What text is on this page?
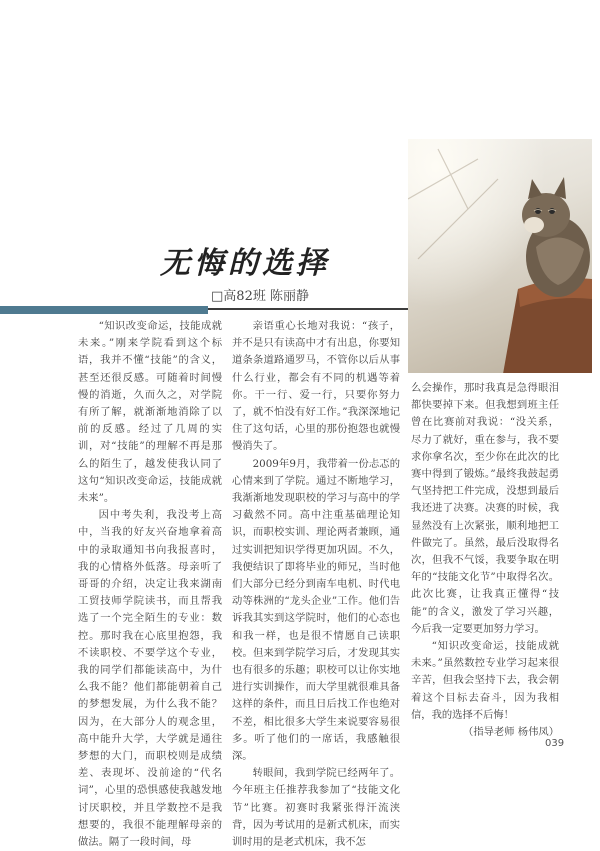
无悔的选择
□高82班 陈丽静

“知识改变命运，技能成就未来。”刚来学院看到这个标语，我并不懂“技能”的含义，甚至还很反感。可随着时间慢慢的消逝，久而久之，对学院有所了解，就渐渐地消除了以前的反感。经过了几周的实训，对“技能”的理解不再是那么的陌生了，越发使我认同了这句“知识改变命运，技能成就未来”。

因中考失利，我没考上高中，当我的好友兴奋地拿着高中的录取通知书向我报喜时，我的心情格外低落。母亲听了哥哥的介绍，决定让我来湖南工贸技师学院读书，而且帮我选了一个完全陌生的专业：数控。那时我在心底里抱怨，我不读职校、不要学这个专业，我的同学们都能读高中，为什么我不能？他们都能朝着自己的梦想发展，为什么我不能？因为，在大部分人的观念里，高中能升大学，大学就是通往梦想的大门，而职校则是成绩差、表现坏、没前途的“代名词”，心里的恐惧感使我越发地讨厌职校，并且学数控不是我想要的，我很不能理解母亲的做法。隔了一段时间，母

亲语重心长地对我说：“孩子，并不是只有读高中才有出息，你要知道条条道路通罗马，不管你以后从事什么行业，都会有不同的机遇等着你。干一行、爱一行，只要你努力了，就不怕没有好工作。”我深深地记住了这句话，心里的那份抱怨也就慢慢消失了。

2009年9月，我带着一份忐忑的心情来到了学院。通过不断地学习，我渐渐地发现职校的学习与高中的学习截然不同。高中注重基础理论知识，而职校实训、理论两者兼顾，通过实训把知识学得更加巩固。不久，我便结识了即将毕业的师兄，当时他们大部分已经分到南车电机、时代电动等株洲的“龙头企业”工作。他们告诉我其实到这学院时，他们的心态也和我一样，也是很不情愿自己读职校。但来到学院学习后，才发现其实也有很多的乐趣；职校可以让你实地进行实训操作，而大学里就很难具备这样的条件，而且日后找工作也绝对不差，相比很多大学生来说要容易很多。听了他们的一席话，我感触很深。

转眼间，我到学院已经两年了。今年班主任推荐我参加了“技能文化节”比赛。初赛时我紧张得汗流浃背，因为考试用的是新式机床，而实训时用的是老式机床，我不怎

么会操作，那时我真是急得眼泪都快要掉下来。但我想到班主任曾在比赛前对我说：“没关系，尽力了就好，重在参与，我不要求你拿名次，至少你在此次的比赛中得到了锻炼。”最终我鼓起勇气坚持把工件完成，没想到最后我还进了决赛。决赛的时候，我显然没有上次紧张，顺利地把工件做完了。虽然，最后没取得名次，但我不气馁，我要争取在明年的“技能文化节”中取得名次。此次比赛，让我真正懂得“技能”的含义，激发了学习兴趣，今后我一定要更加努力学习。

“知识改变命运，技能成就未来。”虽然数控专业学习起来很辛苦，但我会坚持下去，我会朝着这个目标去奋斗，因为我相信，我的选择不后悔！

（指导老师 杨伟凤）

039
